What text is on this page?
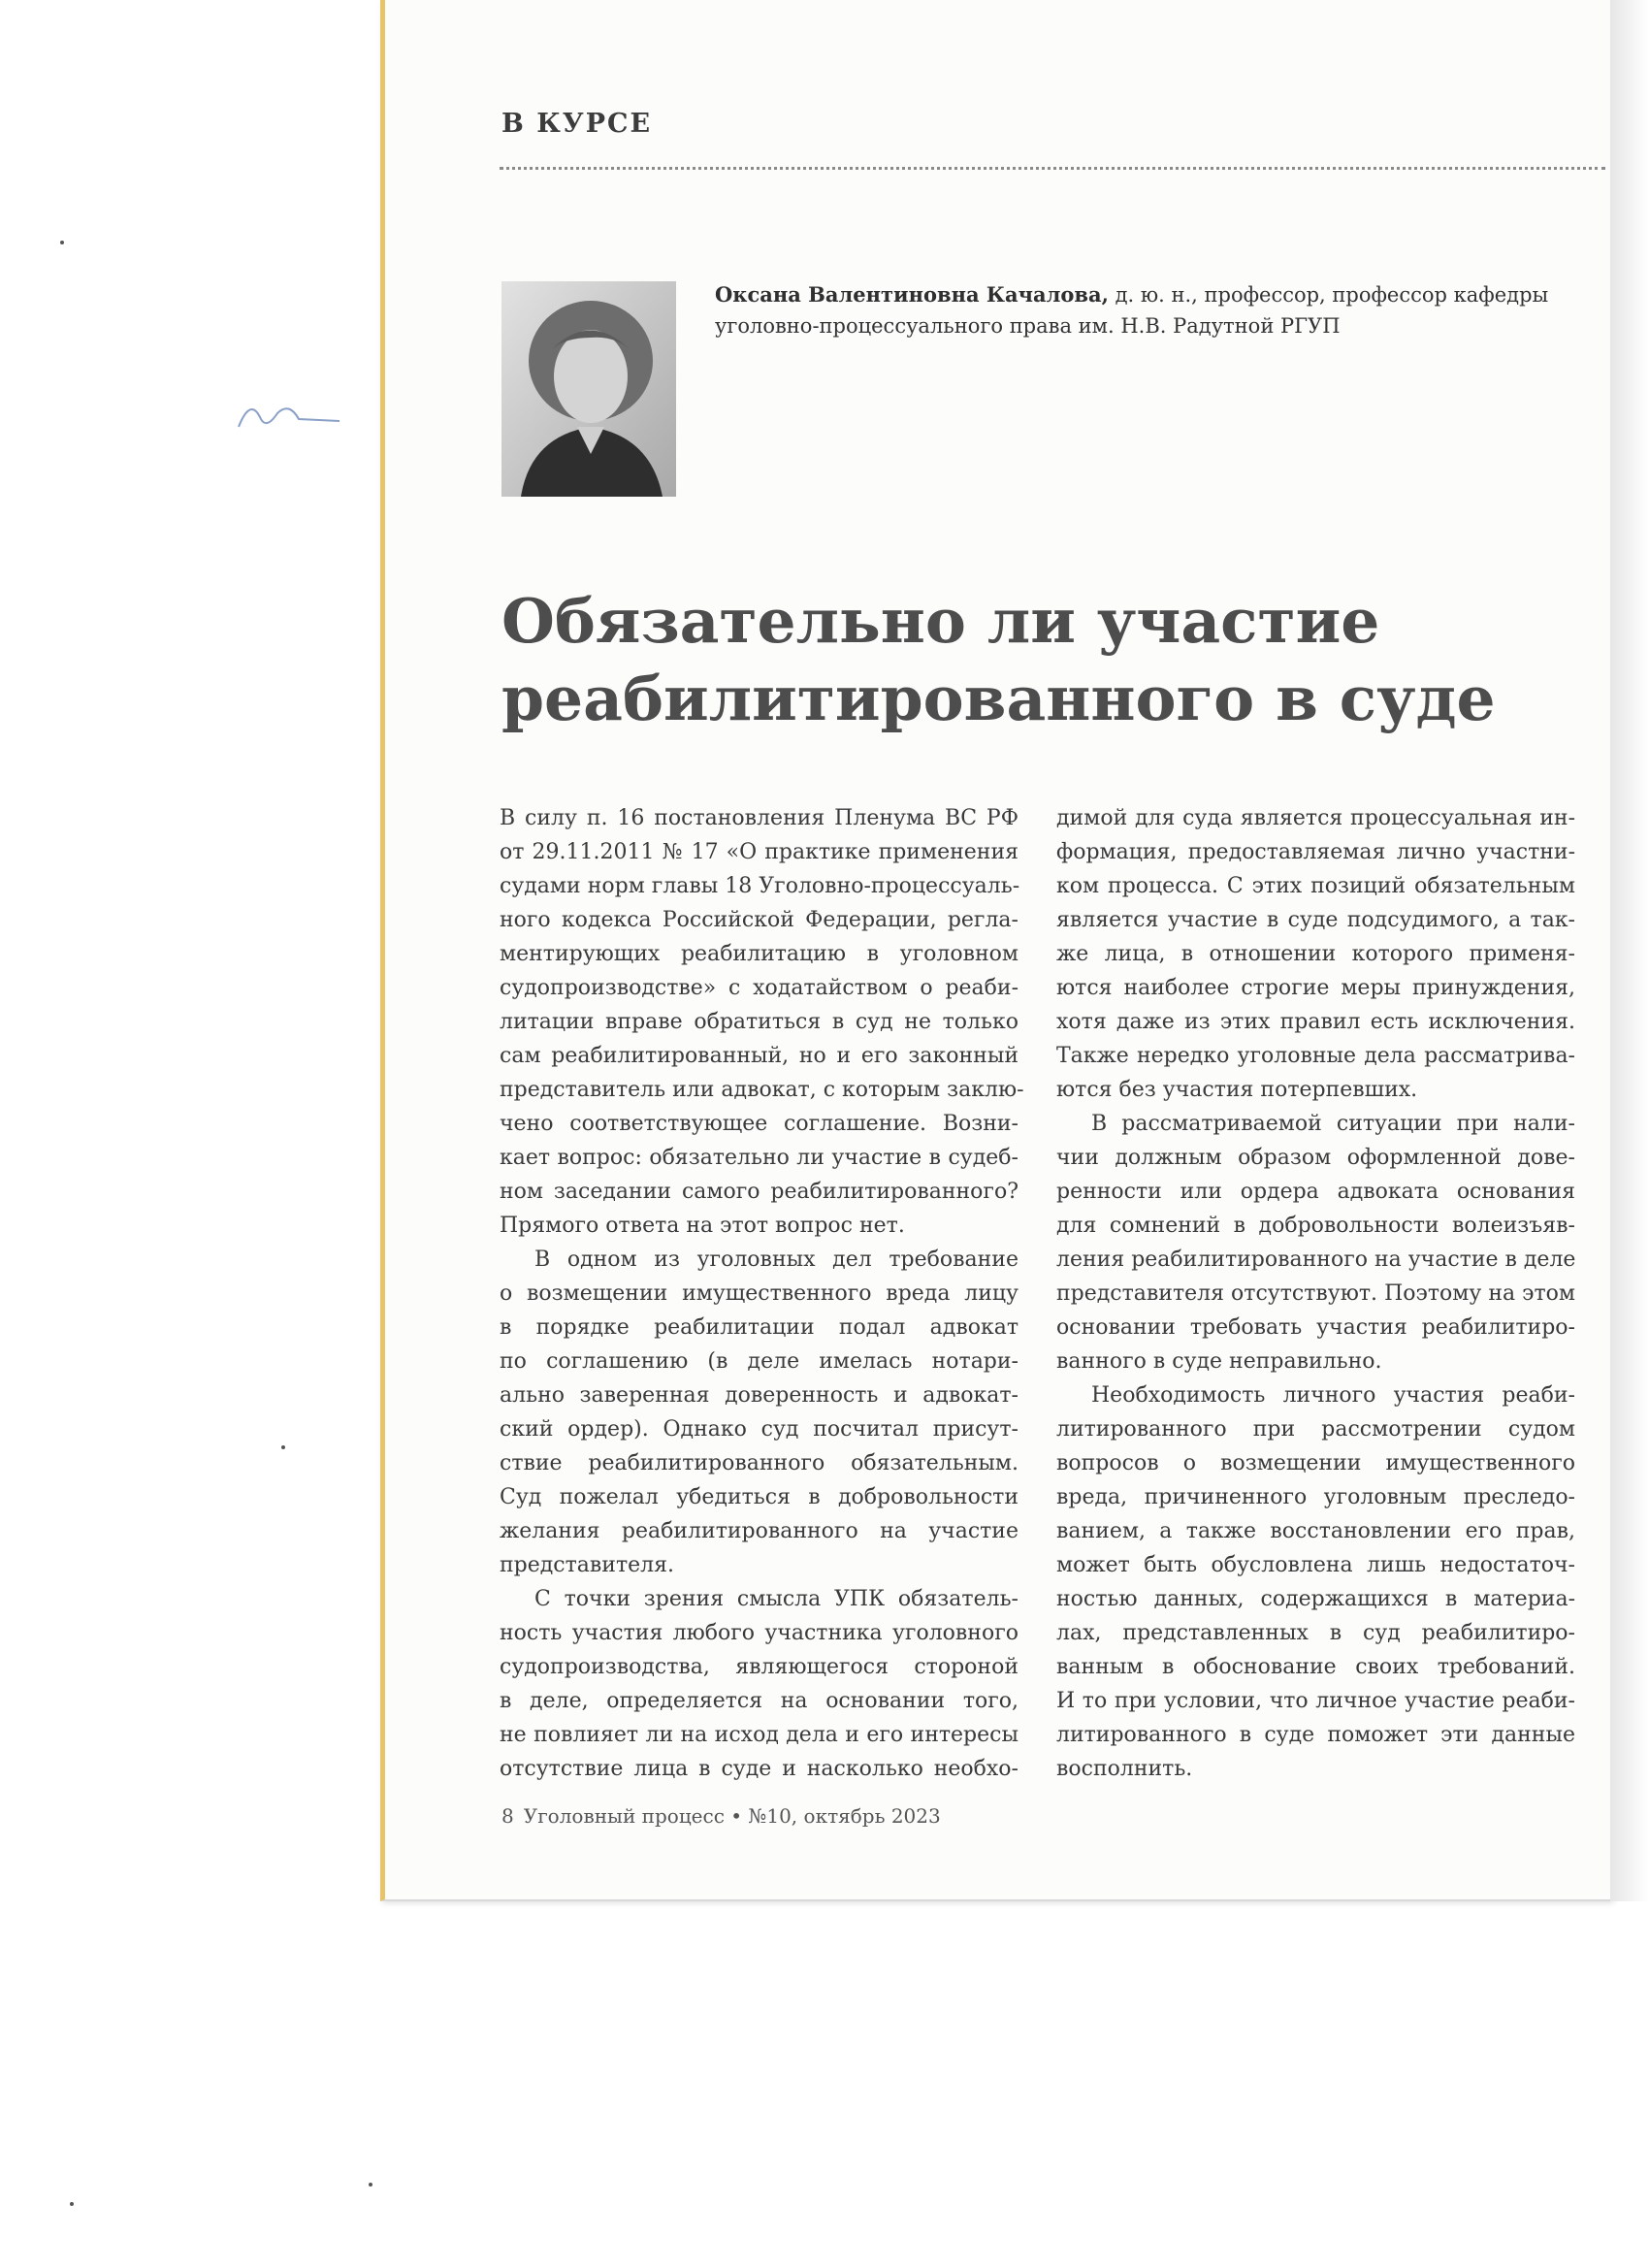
В КУРСЕ
Оксана Валентиновна Качалова, д. ю. н., профессор, профессор кафедры
уголовно-процессуального права им. Н.В. Радутной РГУП
Обязательно ли участие
реабилитированного в суде
В силу п. 16 постановления Пленума ВС РФ
от 29.11.2011 № 17 «О практике применения
судами норм главы 18 Уголовно-процессуаль-
ного кодекса Российской Федерации, регла-
ментирующих реабилитацию в уголовном
судопроизводстве» с ходатайством о реаби-
литации вправе обратиться в суд не только
сам реабилитированный, но и его законный
представитель или адвокат, с которым заклю-
чено соответствующее соглашение. Возни-
кает вопрос: обязательно ли участие в судеб-
ном заседании самого реабилитированного?
Прямого ответа на этот вопрос нет.
В одном из уголовных дел требование
о возмещении имущественного вреда лицу
в порядке реабилитации подал адвокат
по соглашению (в деле имелась нотари-
ально заверенная доверенность и адвокат-
ский ордер). Однако суд посчитал присут-
ствие реабилитированного обязательным.
Суд пожелал убедиться в добровольности
желания реабилитированного на участие
представителя.
С точки зрения смысла УПК обязатель-
ность участия любого участника уголовного
судопроизводства, являющегося стороной
в деле, определяется на основании того,
не повлияет ли на исход дела и его интересы
отсутствие лица в суде и насколько необхо-
димой для суда является процессуальная ин-
формация, предоставляемая лично участни-
ком процесса. С этих позиций обязательным
является участие в суде подсудимого, а так-
же лица, в отношении которого применя-
ются наиболее строгие меры принуждения,
хотя даже из этих правил есть исключения.
Также нередко уголовные дела рассматрива-
ются без участия потерпевших.
В рассматриваемой ситуации при нали-
чии должным образом оформленной дове-
ренности или ордера адвоката основания
для сомнений в добровольности волеизъяв-
ления реабилитированного на участие в деле
представителя отсутствуют. Поэтому на этом
основании требовать участия реабилитиро-
ванного в суде неправильно.
Необходимость личного участия реаби-
литированного при рассмотрении судом
вопросов о возмещении имущественного
вреда, причиненного уголовным преследо-
ванием, а также восстановлении его прав,
может быть обусловлена лишь недостаточ-
ностью данных, содержащихся в материа-
лах, представленных в суд реабилитиро-
ванным в обоснование своих требований.
И то при условии, что личное участие реаби-
литированного в суде поможет эти данные
восполнить.
8 Уголовный процесс • №10, октябрь 2023
